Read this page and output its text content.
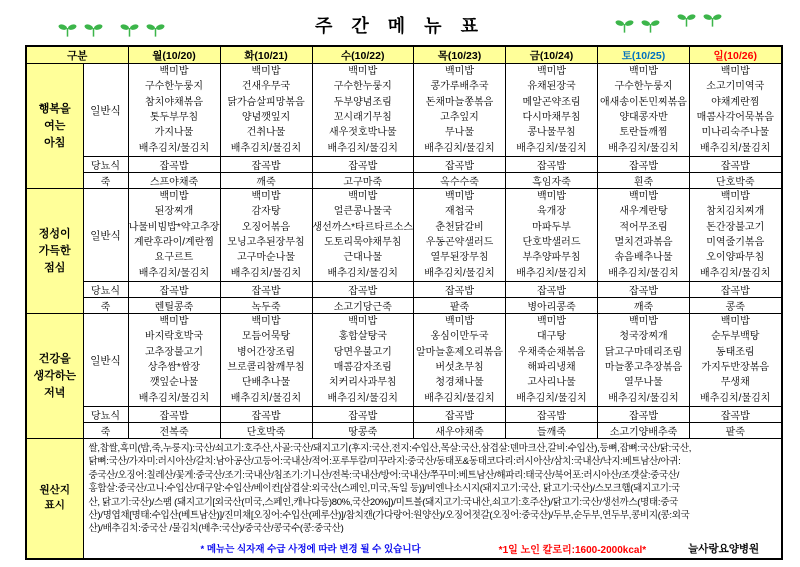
주 간 메 뉴 표
구분		월(10/20)	화(10/21)	수(10/22)	목(10/23)	금(10/24)	토(10/25)	일(10/26)

행복을
여는
아침
	일반식	
백미밥
구수한누룽지
참치야채볶음
톳두부무침
가지나물
배추김치/물김치

백미밥
건새우무국
닭가슴살피망볶음
양념깻잎지
건취나물
배추김치/물김치

백미밥
구수한누룽지
두부양념조림
꼬시래기무침
새우젓호박나물
배추김치/물김치

백미밥
콩가루배추국
돈채마늘쫑볶음
고추잎지
무나물
배추김치/물김치

백미밥
유채된장국
메알곤약조림
다시마채무침
콩나물무침
배추김치/물김치

백미밥
구수한누룽지
애새송이돈민찌볶음
양대콩자반
토란들깨찜
배추김치/물김치

백미밥
소고기미역국
야채계란찜
매콤사각어묵볶음
미나리숙주나물
배추김치/물김치

	당뇨식	잡곡밥	잡곡밥	잡곡밥	잡곡밥	잡곡밥	잡곡밥	잡곡밥
	죽	스프야채죽	깨죽	고구마죽	옥수수죽	흑임자죽	흰죽	단호박죽

정성이
가득한
점심
	일반식	
백미밥
된장찌개
나물비빔밥*약고추장
계란후라이/계란찜
요구르트
배추김치/물김치

백미밥
감자탕
오징어볶음
모닝고추된장무침
고구마순나물
배추김치/물김치

백미밥
얼큰콩나물국
생선까스*타르타르소스
도토리묵야채무침
근대나물
배추김치/물김치

백미밥
재첩국
춘천닭갈비
우동곤약샐러드
열무된장무침
배추김치/물김치

백미밥
육개장
마파두부
단호박샐러드
부추양파무침
배추김치/물김치

백미밥
새우계란탕
적어무조림
멸치견과볶음
솎음배추나물
배추김치/물김치

백미밥
참치김치찌개
돈간장불고기
미역줄기볶음
오이양파무침
배추김치/물김치

	당뇨식	잡곡밥	잡곡밥	잡곡밥	잡곡밥	잡곡밥	잡곡밥	잡곡밥
	죽	렌틸콩죽	녹두죽	소고기당근죽	팥죽	병아리콩죽	깨죽	콩죽

건강을
생각하는
저녁
	일반식	
백미밥
바지락호박국
고추장불고기
상추쌈*쌈장
깻잎순나물
배추김치/물김치

백미밥
모듬어묵탕
병어간장조림
브로콜리참깨무침
단배추나물
배추김치/물김치

백미밥
홍합살탕국
당면우불고기
매콤감자조림
치커리사과무침
배추김치/물김치

백미밥
옹심이만두국
알마늘훈제오리볶음
버섯초무침
청경채나물
배추김치/물김치

백미밥
대구탕
우채죽순채볶음
해파리냉채
고사리나물
배추김치/물김치

백미밥
청국장찌개
닭고구마데리조림
마늘쫑고추장볶음
열무나물
배추김치/물김치

백미밥
순두부백탕
동태조림
가지두반장볶음
무생채
배추김치/물김치

	당뇨식	잡곡밥	잡곡밥	잡곡밥	잡곡밥	잡곡밥	잡곡밥	잡곡밥
	죽	전복죽	단호박죽	땅콩죽	새우야채죽	들깨죽	소고기양배추죽	팥죽

원산지
표시

쌀,찹쌀,흑미(밥,죽,누룽지):국산/쇠고기:호주산,사골:국산/돼지고기(후지:국산,전지:수입산,목살:국산,삼겹살:덴마크산,갈비:수입산),등뼈,잡뼈:국산/닭:국산,
닭뼈:국산/가자미:러시아산/갈치:남아공산/고등어:국내산/적어:포루투칼/미꾸라지:중국산/동태포&동태코다리:러시아산/삼치:국내산/낙지:베트남산/아귀:
중국산/오징어:칠레산/꽃게:중국산/조기:국내산/침조기:기니산/전복:국내산/방어:국내산/쭈꾸미:베트남산/해파리:태국산/북어포:러시아산/조갯살:중국산/
홍합살:중국산/고니:수입산/대구알:수입산/베이컨[삼겹살:외국산(스페인,미국,독일 등)]/비엔나소시지(돼지고기:국산, 닭고기:국산)/스모크햄(돼지고기:국
산, 닭고기:국산)/스팸 (돼지고기[외국산(미국,스페인,캐나다등)80%,국산20%])/미트볼(돼지고기:국내산,쇠고기:호주산)/닭고기:국산/생선까스(명태:중국
산)/명엽채[명태:수입산(베트남산)]/진미채[오징어:수입산(페루산)]/참치캔(가다랑어:원양산)/오징어젓갈(오징어:중국산)/두부,순두부,연두부,콩비지(콩:외국
산)/배추김치:중국산 /물김치(배추:국산)/중국산/콩국수(콩:중국산)
* 메뉴는 식자재 수급 사정에 따라 변경 될 수 있습니다	*1일 노인 칼로리:1600-2000kcal*	늘사랑요양병원
